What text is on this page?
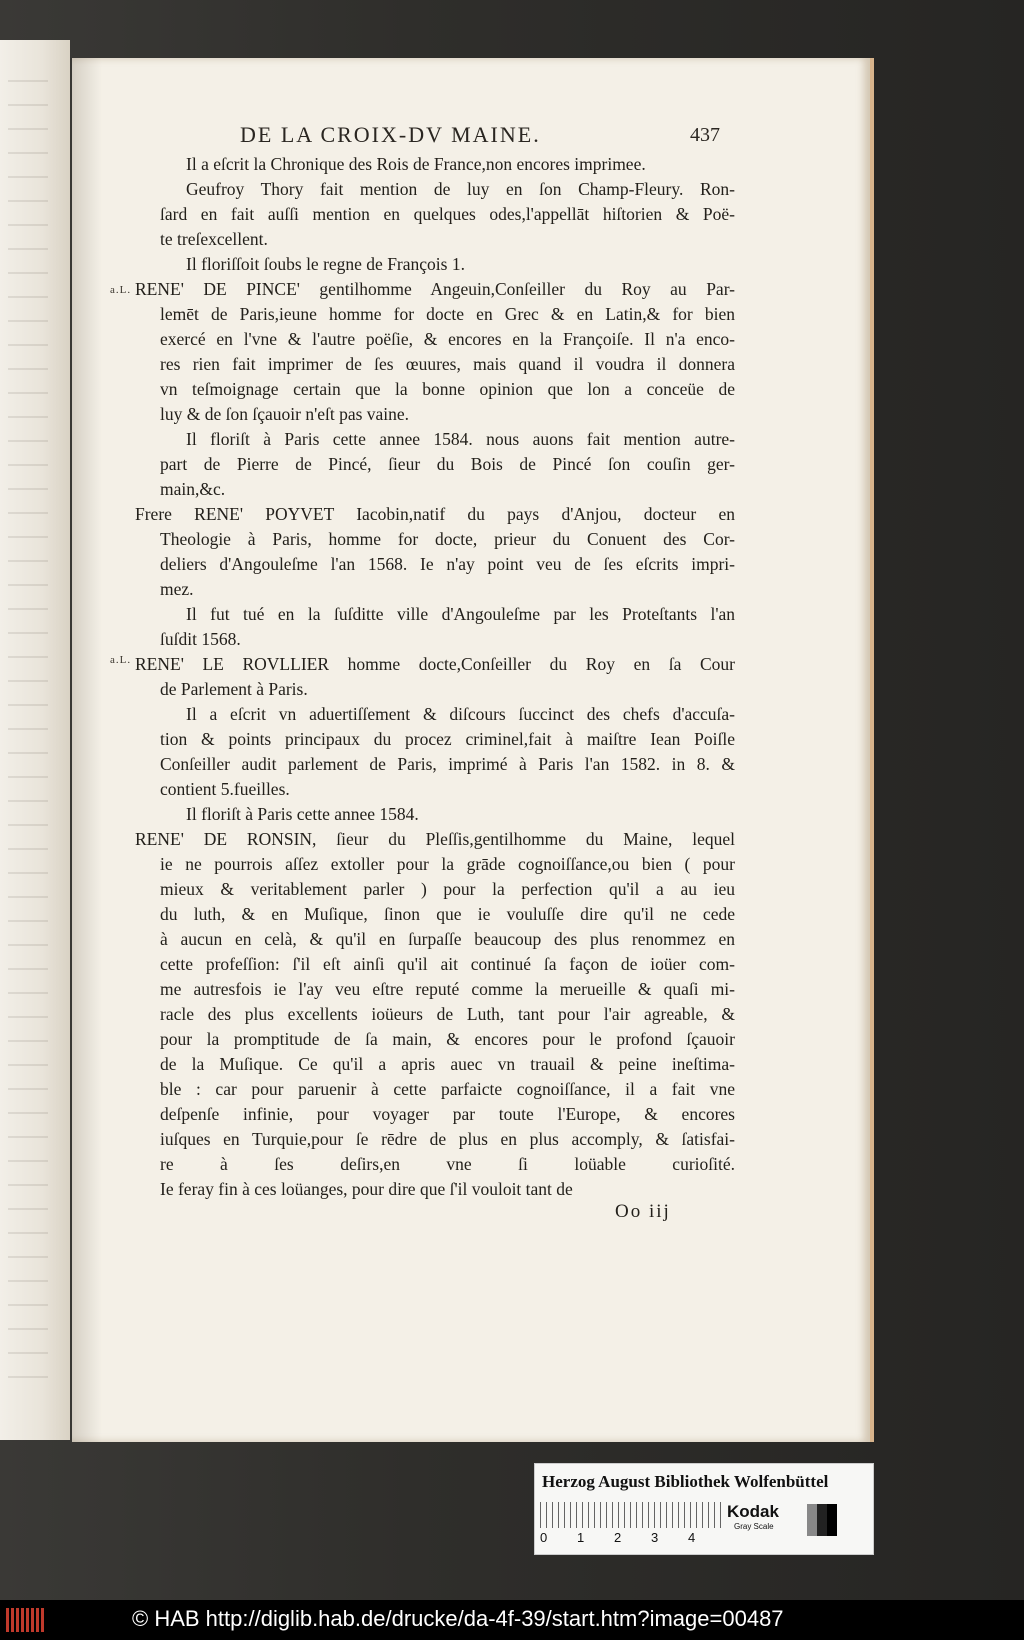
DE LA CROIX-DV MAINE.	437
a.L.
a.L.
Il a eſcrit la Chronique des Rois de France,non encores imprimee.
Geufroy Thory fait mention de luy en ſon Champ-Fleury. Ron-
ſard en fait auſſi mention en quelques odes,l'appellāt hiſtorien & Poë-
te treſexcellent.
Il floriſſoit ſoubs le regne de François 1.
RENE' DE PINCE' gentilhomme Angeuin,Conſeiller du Roy au Par-
lemēt de Paris,ieune homme for docte en Grec & en Latin,& for bien
exercé en l'vne & l'autre poëſie, & encores en la Françoiſe. Il n'a enco-
res rien fait imprimer de ſes œuures, mais quand il voudra il donnera
vn teſmoignage certain que la bonne opinion que lon a conceüe de
luy & de ſon ſçauoir n'eſt pas vaine.
Il floriſt à Paris cette annee 1584. nous auons fait mention autre-
part de Pierre de Pincé, ſieur du Bois de Pincé ſon couſin ger-
main,&c.
Frere RENE' POYVET Iacobin,natif du pays d'Anjou, docteur en
Theologie à Paris, homme for docte, prieur du Conuent des Cor-
deliers d'Angouleſme l'an 1568. Ie n'ay point veu de ſes eſcrits impri-
mez.
Il fut tué en la ſuſditte ville d'Angouleſme par les Proteſtants l'an
ſuſdit 1568.
RENE' LE ROVLLIER homme docte,Conſeiller du Roy en ſa Cour
de Parlement à Paris.
Il a eſcrit vn aduertiſſement & diſcours ſuccinct des chefs d'accuſa-
tion & points principaux du procez criminel,fait à maiſtre Iean Poiſle
Conſeiller audit parlement de Paris, imprimé à Paris l'an 1582. in 8. &
contient 5.fueilles.
Il floriſt à Paris cette annee 1584.
RENE' DE RONSIN, ſieur du Pleſſis,gentilhomme du Maine, lequel
ie ne pourrois aſſez extoller pour la grāde cognoiſſance,ou bien ( pour
mieux & veritablement parler ) pour la perfection qu'il a au ieu
du luth, & en Muſique, ſinon que ie vouluſſe dire qu'il ne cede
à aucun en celà, & qu'il en ſurpaſſe beaucoup des plus renommez en
cette profeſſion: ſ'il eſt ainſi qu'il ait continué ſa façon de ioüer com-
me autresfois ie l'ay veu eſtre reputé comme la merueille & quaſi mi-
racle des plus excellents ioüeurs de Luth, tant pour l'air agreable, &
pour la promptitude de ſa main, & encores pour le profond ſçauoir
de la Muſique. Ce qu'il a apris auec vn trauail & peine ineſtima-
ble : car pour paruenir à cette parfaicte cognoiſſance, il a fait vne
deſpenſe infinie, pour voyager par toute l'Europe, & encores
iuſques en Turquie,pour ſe rēdre de plus en plus accomply, & ſatisfai-
re à ſes deſirs,en vne ſi loüable curioſité.
Ie feray fin à ces loüanges, pour dire que ſ'il vouloit tant de
Oo iij
Herzog August Bibliothek Wolfenbüttel
0 1 2 3 4
Kodak
Gray Scale
© HAB http://diglib.hab.de/drucke/da-4f-39/start.htm?image=00487
